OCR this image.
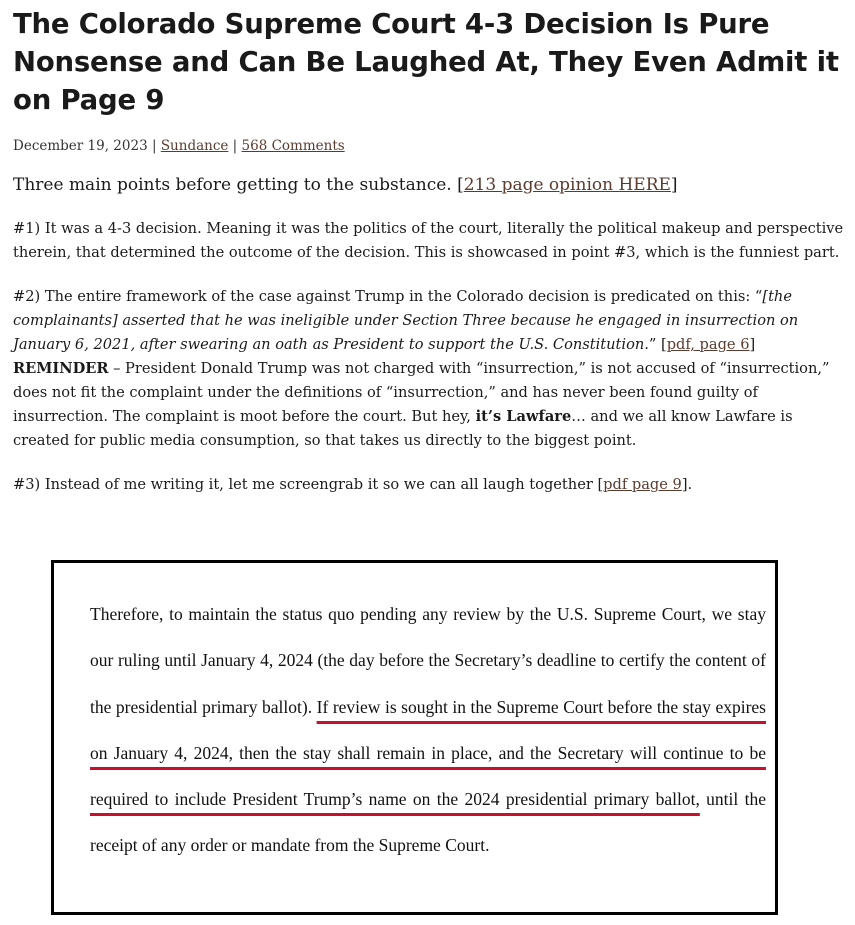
The Colorado Supreme Court 4-3 Decision Is Pure Nonsense and Can Be Laughed At, They Even Admit it on Page 9
December 19, 2023 | Sundance | 568 Comments
Three main points before getting to the substance. [213 page opinion HERE]
#1) It was a 4-3 decision. Meaning it was the politics of the court, literally the political makeup and perspective therein, that determined the outcome of the decision. This is showcased in point #3, which is the funniest part.
#2) The entire framework of the case against Trump in the Colorado decision is predicated on this: “[the complainants] asserted that he was ineligible under Section Three because he engaged in insurrection on January 6, 2021, after swearing an oath as President to support the U.S. Constitution.” [pdf, page 6]
REMINDER – President Donald Trump was not charged with “insurrection,” is not accused of “insurrection,” does not fit the complaint under the definitions of “insurrection,” and has never been found guilty of insurrection. The complaint is moot before the court. But hey, it’s Lawfare… and we all know Lawfare is created for public media consumption, so that takes us directly to the biggest point.
#3) Instead of me writing it, let me screengrab it so we can all laugh together [pdf page 9].
Therefore, to maintain the status quo pending any review by the U.S. Supreme Court, we stay our ruling until January 4, 2024 (the day before the Secretary’s deadline to certify the content of the presidential primary ballot). If review is sought in the Supreme Court before the stay expires on January 4, 2024, then the stay shall remain in place, and the Secretary will continue to be required to include President Trump’s name on the 2024 presidential primary ballot, until the receipt of any order or mandate from the Supreme Court.
